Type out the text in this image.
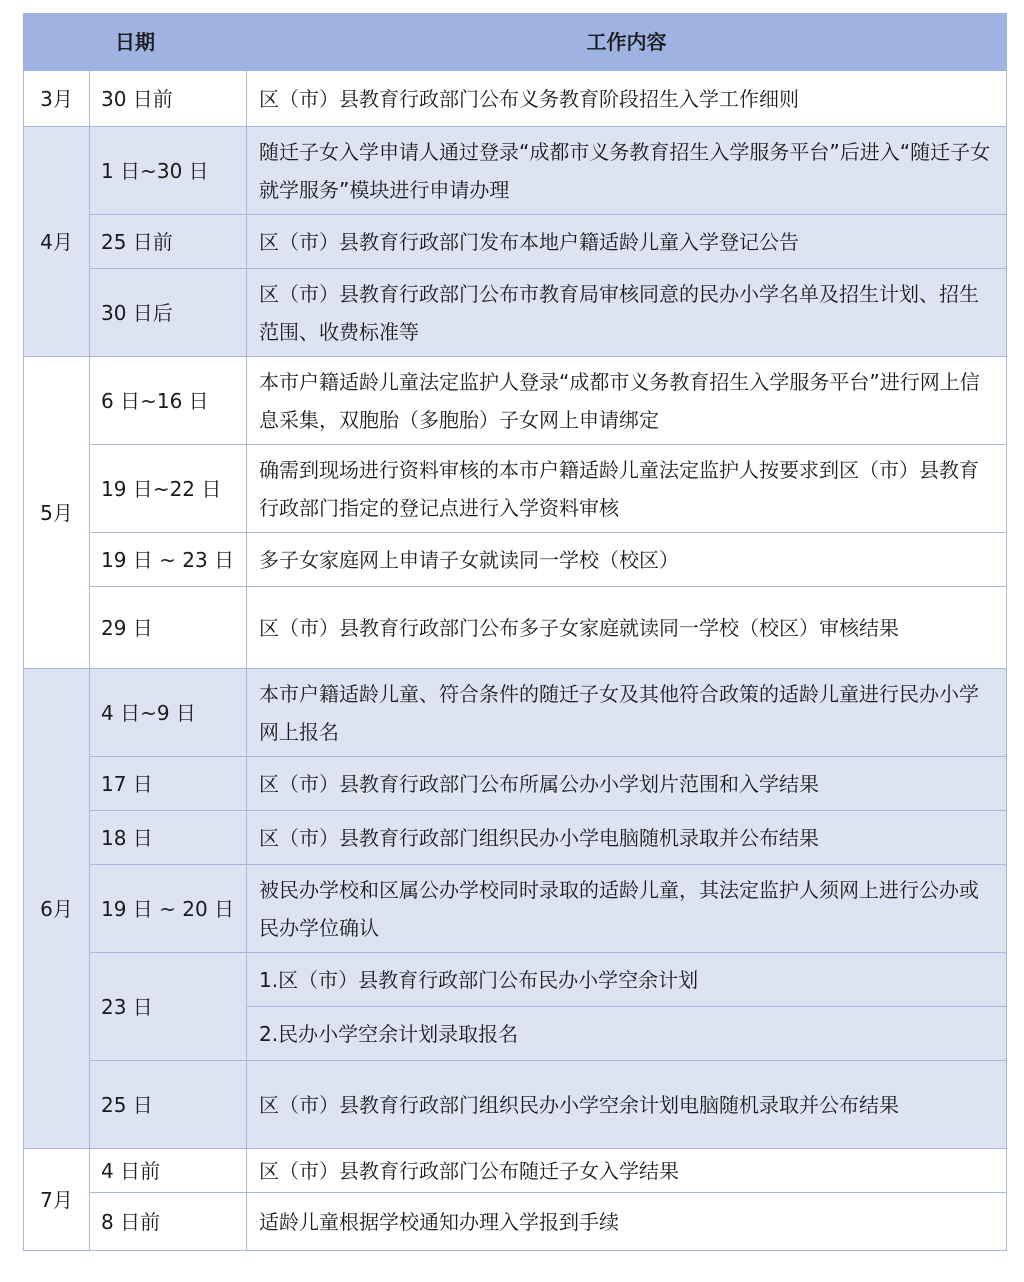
日期		工作内容
3月	30 日前	区（市）县教育行政部门公布义务教育阶段招生入学工作细则
4月	1 日~30 日	随迁子女入学申请人通过登录“成都市义务教育招生入学服务平台”后进入“随迁子女就学服务”模块进行申请办理
	25 日前	区（市）县教育行政部门发布本地户籍适龄儿童入学登记公告
	30 日后	区（市）县教育行政部门公布市教育局审核同意的民办小学名单及招生计划、招生范围、收费标准等
5月	6 日~16 日	本市户籍适龄儿童法定监护人登录“成都市义务教育招生入学服务平台”进行网上信息采集，双胞胎（多胞胎）子女网上申请绑定
	19 日~22 日	确需到现场进行资料审核的本市户籍适龄儿童法定监护人按要求到区（市）县教育行政部门指定的登记点进行入学资料审核
	19 日 ~ 23 日	多子女家庭网上申请子女就读同一学校（校区）
	29 日	区（市）县教育行政部门公布多子女家庭就读同一学校（校区）审核结果
6月	4 日~9 日	本市户籍适龄儿童、符合条件的随迁子女及其他符合政策的适龄儿童进行民办小学网上报名
	17 日	区（市）县教育行政部门公布所属公办小学划片范围和入学结果
	18 日	区（市）县教育行政部门组织民办小学电脑随机录取并公布结果
	19 日 ~ 20 日	被民办学校和区属公办学校同时录取的适龄儿童，其法定监护人须网上进行公办或民办学位确认
	23 日	1.区（市）县教育行政部门公布民办小学空余计划
		2.民办小学空余计划录取报名
	25 日	区（市）县教育行政部门组织民办小学空余计划电脑随机录取并公布结果
7月	4 日前	区（市）县教育行政部门公布随迁子女入学结果
	8 日前	适龄儿童根据学校通知办理入学报到手续
